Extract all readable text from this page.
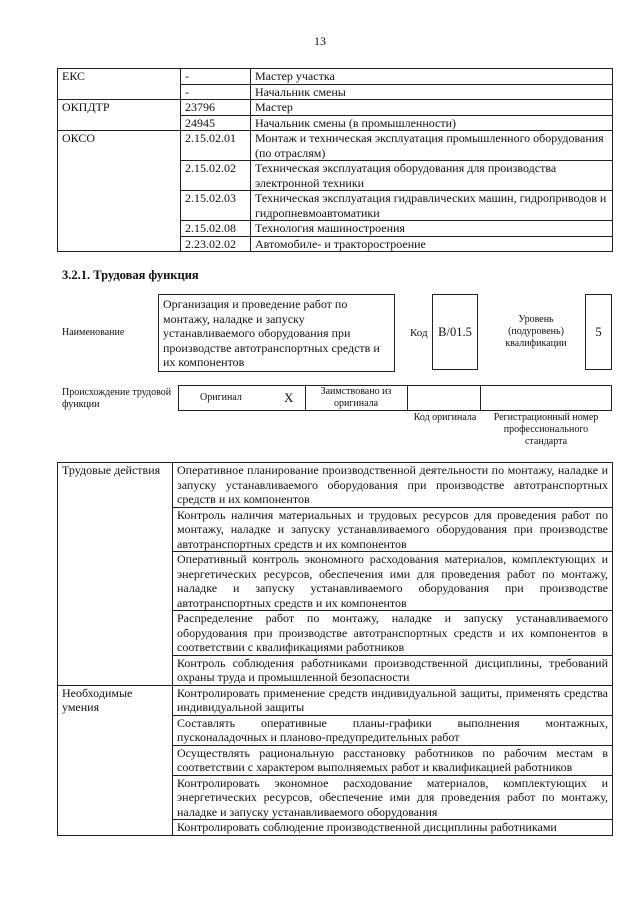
13
ЕКС	-	Мастер участка
	-	Начальник смены
ОКПДТР	23796	Мастер
	24945	Начальник смены (в промышленности)
ОКСО	2.15.02.01	Монтаж и техническая эксплуатация промышленного оборудования (по отраслям)
	2.15.02.02	Техническая эксплуатация оборудования для производства электронной техники
	2.15.02.03	Техническая эксплуатация гидравлических машин, гидроприводов и гидропневмоавтоматики
	2.15.02.08	Технология машиностроения
	2.23.02.02	Автомобиле- и тракторостроение
3.2.1. Трудовая функция
Наименование
Организация и проведение работ по монтажу, наладке и запуску устанавливаемого оборудования при производстве автотранспортных средств и их компонентов
Код B/01.5
Уровень (подуровень) квалификации
5
Происхождение трудовой функции
Оригинал	X	Заимствовано из оригинала
Код оригинала	Регистрационный номер профессионального стандарта
Трудовые действия	Оперативное планирование производственной деятельности по монтажу, наладке и запуску устанавливаемого оборудования при производстве автотранспортных средств и их компонентов
	Контроль наличия материальных и трудовых ресурсов для проведения работ по монтажу, наладке и запуску устанавливаемого оборудования при производстве автотранспортных средств и их компонентов
	Оперативный контроль экономного расходования материалов, комплектующих и энергетических ресурсов, обеспечения ими для проведения работ по монтажу, наладке и запуску устанавливаемого оборудования при производстве автотранспортных средств и их компонентов
	Распределение работ по монтажу, наладке и запуску устанавливаемого оборудования при производстве автотранспортных средств и их компонентов в соответствии с квалификациями работников
	Контроль соблюдения работниками производственной дисциплины, требований охраны труда и промышленной безопасности
Необходимые умения	Контролировать применение средств индивидуальной защиты, применять средства индивидуальной защиты
	Составлять оперативные планы-графики выполнения монтажных, пусконаладочных и планово-предупредительных работ
	Осуществлять рациональную расстановку работников по рабочим местам в соответствии с характером выполняемых работ и квалификацией работников
	Контролировать экономное расходование материалов, комплектующих и энергетических ресурсов, обеспечение ими для проведения работ по монтажу, наладке и запуску устанавливаемого оборудования
	Контролировать соблюдение производственной дисциплины работниками
